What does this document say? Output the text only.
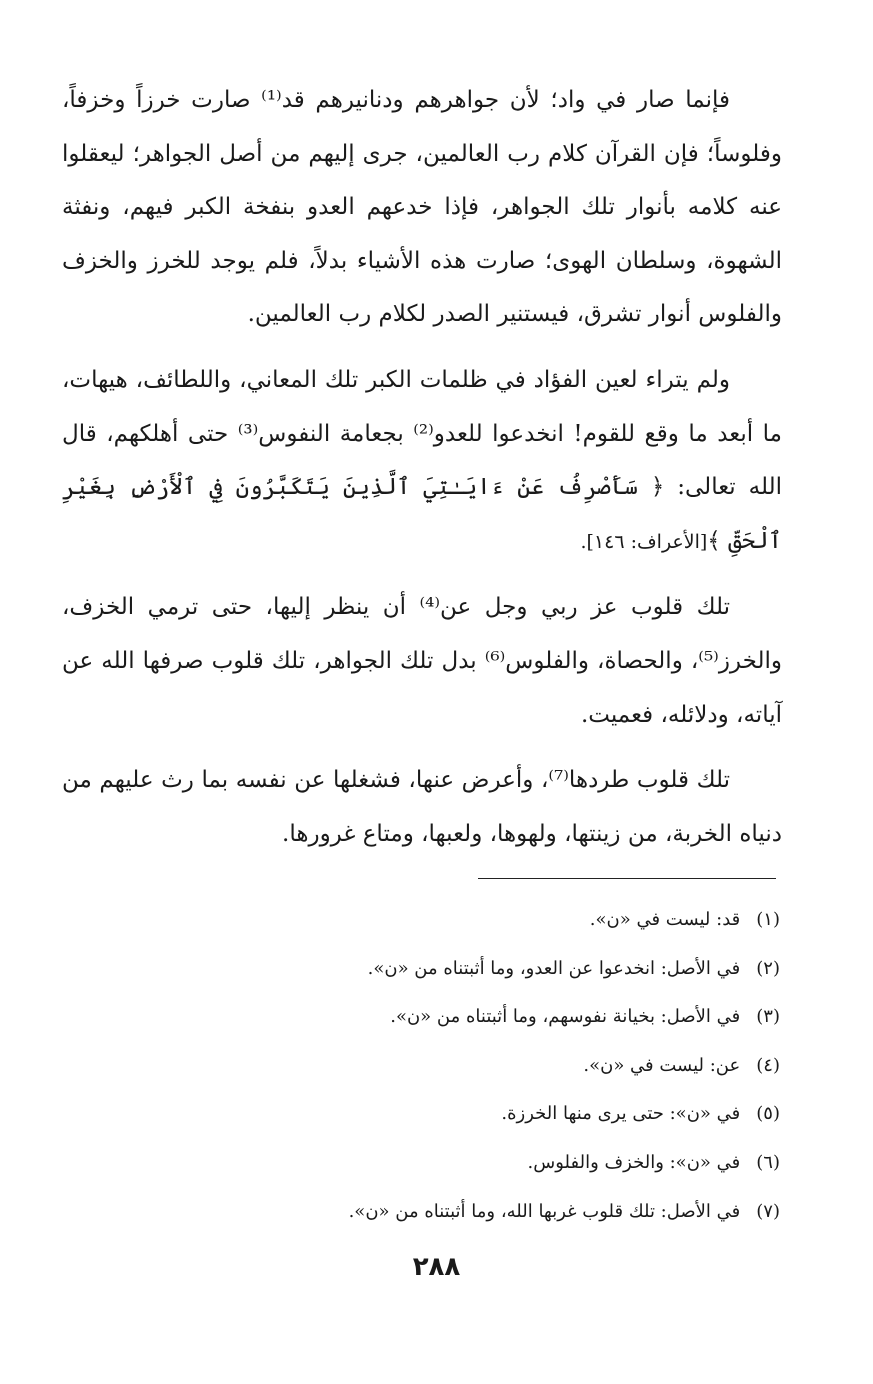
فإنما صار في واد؛ لأن جواهرهم ودنانيرهم قد⁽¹⁾ صارت خرزاً وخزفاً، وفلوساً؛ فإن القرآن كلام رب العالمين، جرى إليهم من أصل الجواهر؛ ليعقلوا عنه كلامه بأنوار تلك الجواهر، فإذا خدعهم العدو بنفخة الكبر فيهم، ونفثة الشهوة، وسلطان الهوى؛ صارت هذه الأشياء بدلاً، فلم يوجد للخرز والخزف والفلوس أنوار تشرق، فيستنير الصدر لكلام رب العالمين.

ولم يتراء لعين الفؤاد في ظلمات الكبر تلك المعاني، واللطائف، هيهات، ما أبعد ما وقع للقوم! انخدعوا للعدو⁽²⁾ بجعامة النفوس⁽³⁾ حتى أهلكهم، قال الله تعالى: ﴿ سَأَصْرِفُ عَنْ ءَايَـٰتِيَ ٱلَّذِينَ يَتَكَبَّرُونَ فِي ٱلْأَرْضِ بِغَيْرِ ٱلْحَقِّ ﴾[الأعراف: ١٤٦].

تلك قلوب عز ربي وجل عن⁽⁴⁾ أن ينظر إليها، حتى ترمي الخزف، والخرز⁽⁵⁾، والحصاة، والفلوس⁽⁶⁾ بدل تلك الجواهر، تلك قلوب صرفها الله عن آياته، ودلائله، فعميت.

تلك قلوب طردها⁽⁷⁾، وأعرض عنها، فشغلها عن نفسه بما رث عليهم من دنياه الخربة، من زينتها، ولهوها، ولعبها، ومتاع غرورها.

(١) قد: ليست في «ن».

(٢) في الأصل: انخدعوا عن العدو، وما أثبتناه من «ن».

(٣) في الأصل: بخيانة نفوسهم، وما أثبتناه من «ن».

(٤) عن: ليست في «ن».

(٥) في «ن»: حتى يرى منها الخرزة.

(٦) في «ن»: والخزف والفلوس.

(٧) في الأصل: تلك قلوب غربها الله، وما أثبتناه من «ن».

٢٨٨
